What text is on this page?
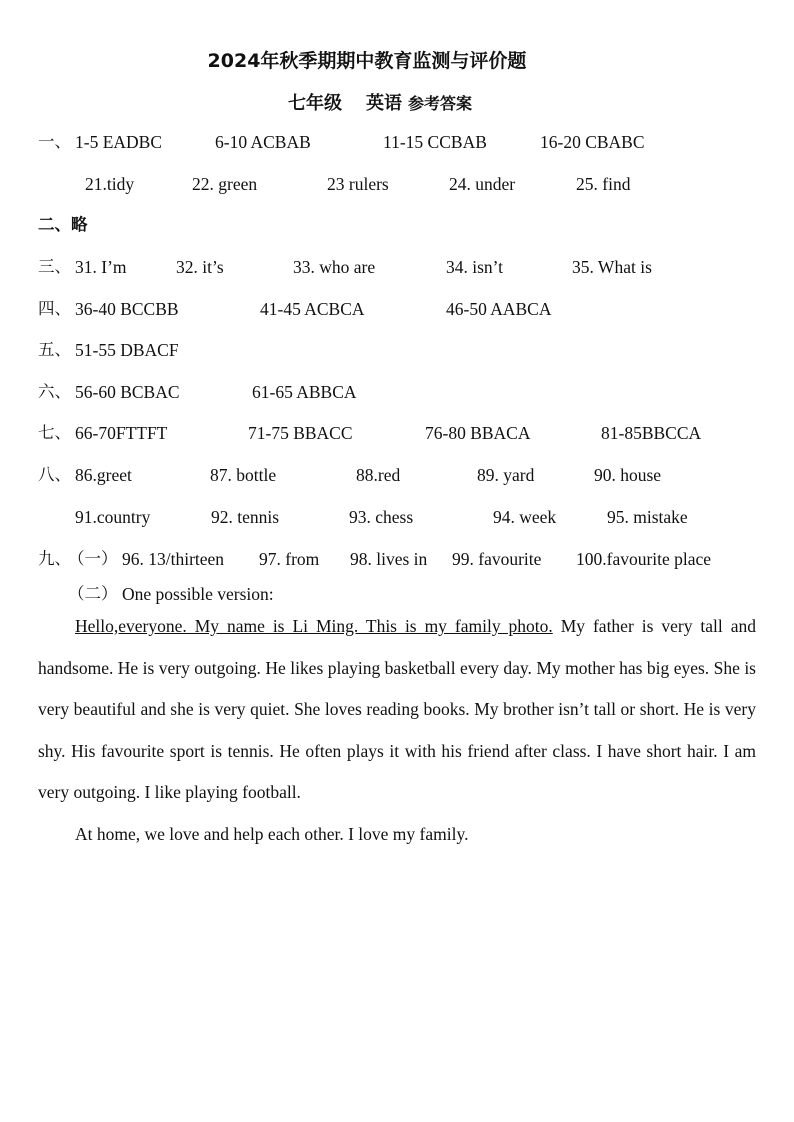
2024年秋季期期中教育监测与评价题
七年级 英语 参考答案
一、 1-5 EADBC	6-10 ACBAB	11-15 CCBAB	16-20 CBABC
21.tidy	22. green	23 rulers	24. under	25. find
二、略
三、 31. I’m	32. it’s	33. who are	34. isn’t	35. What is
四、 36-40 BCCBB	41-45 ACBCA	46-50 AABCA
五、 51-55 DBACF
六、 56-60 BCBAC	61-65 ABBCA
七、 66-70FTTFT	71-75 BBACC	76-80 BBACA	81-85BBCCA
八、 86.greet	87. bottle	88.red	89. yard	90. house
91.country	92. tennis	93. chess	94. week	95. mistake
九、
（一） 96. 13/thirteen 97. from 98. lives in 99. favourite 100.favourite place
（二） One possible version:
Hello,everyone. My name is Li Ming. This is my family photo. My father is very tall and handsome. He is very outgoing. He likes playing basketball every day. My mother has big eyes. She is very beautiful and she is very quiet. She loves reading books. My brother isn’t tall or short. He is very shy. His favourite sport is tennis. He often plays it with his friend after class. I have short hair. I am very outgoing. I like playing football.
At home, we love and help each other. I love my family.
